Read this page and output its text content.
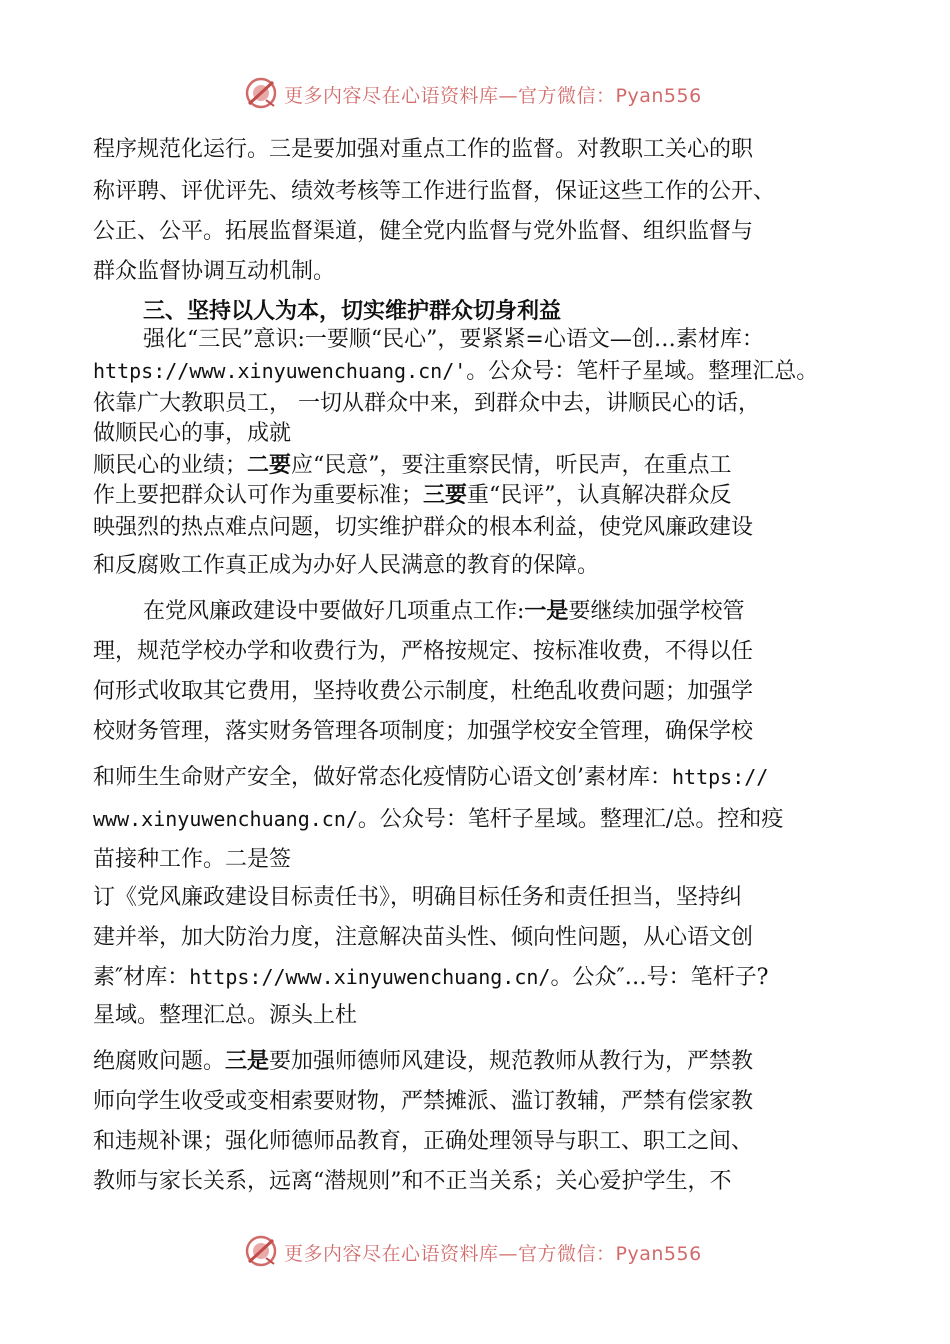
更多内容尽在心语资料库—官方微信：Pyan556
程序规范化运行。三是要加强对重点工作的监督。对教职工关心的职
称评聘、评优评先、绩效考核等工作进行监督，保证这些工作的公开、
公正、公平。拓展监督渠道，健全党内监督与党外监督、组织监督与
群众监督协调互动机制。
三、坚持以人为本，切实维护群众切身利益
强化“三民”意识:一要顺“民心”，要紧紧=心语文—创…素材库：
https://www.xinyuwenchuang.cn/'。公众号：笔杆子星域。整理汇总。
依靠广大教职员工， 一切从群众中来，到群众中去，讲顺民心的话，
做顺民心的事，成就
顺民心的业绩；二要应“民意”，要注重察民情，听民声，在重点工
作上要把群众认可作为重要标准；三要重“民评”，认真解决群众反
映强烈的热点难点问题，切实维护群众的根本利益，使党风廉政建设
和反腐败工作真正成为办好人民满意的教育的保障。
在党风廉政建设中要做好几项重点工作:一是要继续加强学校管
理，规范学校办学和收费行为，严格按规定、按标准收费，不得以任
何形式收取其它费用，坚持收费公示制度，杜绝乱收费问题；加强学
校财务管理，落实财务管理各项制度；加强学校安全管理，确保学校
和师生生命财产安全，做好常态化疫情防心语文创’素材库：https://
www.xinyuwenchuang.cn/。公众号：笔杆子星域。整理汇/总。控和疫
苗接种工作。二是签
订《党风廉政建设目标责任书》，明确目标任务和责任担当，坚持纠
建并举，加大防治力度，注意解决苗头性、倾向性问题，从心语文创
素″材库：https://www.xinyuwenchuang.cn/。公众″…号：笔杆子?
星域。整理汇总。源头上杜
绝腐败问题。三是要加强师德师风建设，规范教师从教行为，严禁教
师向学生收受或变相索要财物，严禁摊派、滥订教辅，严禁有偿家教
和违规补课；强化师德师品教育，正确处理领导与职工、职工之间、
教师与家长关系，远离“潜规则”和不正当关系；关心爱护学生，不
更多内容尽在心语资料库—官方微信：Pyan556
